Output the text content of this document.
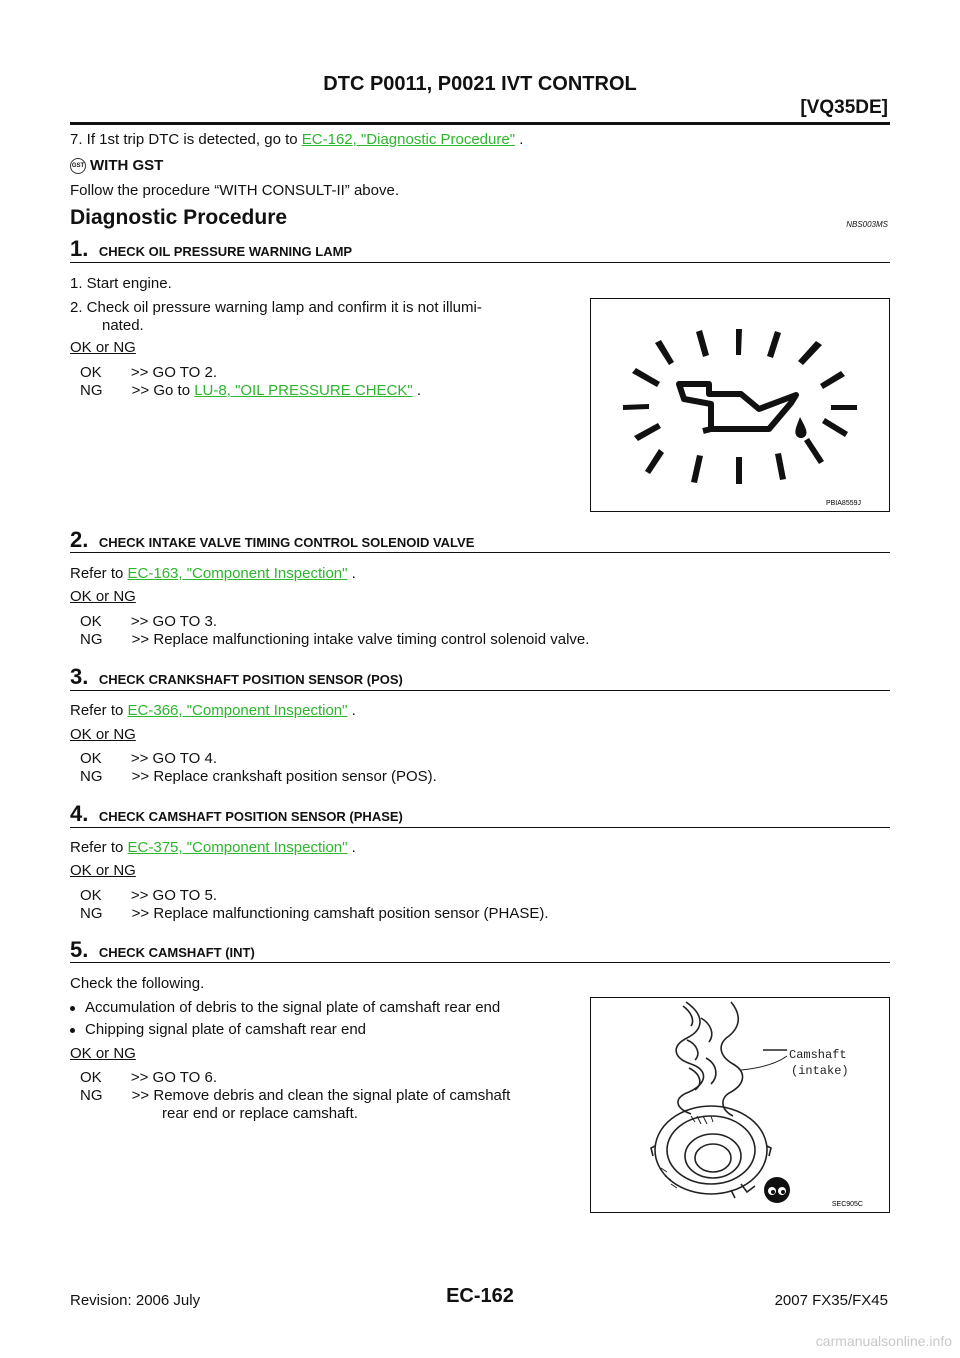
DTC P0011, P0021 IVT CONTROL
[VQ35DE]
7. If 1st trip DTC is detected, go to EC-162, "Diagnostic Procedure" .
GST WITH GST
Follow the procedure “WITH CONSULT-II” above.
Diagnostic Procedure	NBS003MS
1. CHECK OIL PRESSURE WARNING LAMP
1. Start engine.
2. Check oil pressure warning lamp and confirm it is not illumi-
nated.
OK or NG
OK       >> GO TO 2.
NG       >> Go to LU-8, "OIL PRESSURE CHECK" .
PBIA8559J
2. CHECK INTAKE VALVE TIMING CONTROL SOLENOID VALVE
Refer to EC-163, "Component Inspection" .
OK or NG
OK       >> GO TO 3.
NG       >> Replace malfunctioning intake valve timing control solenoid valve.
3. CHECK CRANKSHAFT POSITION SENSOR (POS)
Refer to EC-366, "Component Inspection" .
OK or NG
OK       >> GO TO 4.
NG       >> Replace crankshaft position sensor (POS).
4. CHECK CAMSHAFT POSITION SENSOR (PHASE)
Refer to EC-375, "Component Inspection" .
OK or NG
OK       >> GO TO 5.
NG       >> Replace malfunctioning camshaft position sensor (PHASE).
5. CHECK CAMSHAFT (INT)
Check the following.
Accumulation of debris to the signal plate of camshaft rear end
Chipping signal plate of camshaft rear end
OK or NG
OK       >> GO TO 6.
NG       >> Remove debris and clean the signal plate of camshaft
rear end or replace camshaft.
Camshaft
(intake)
SEC905C
Revision: 2006 July	EC-162	2007 FX35/FX45
carmanualsonline.info
